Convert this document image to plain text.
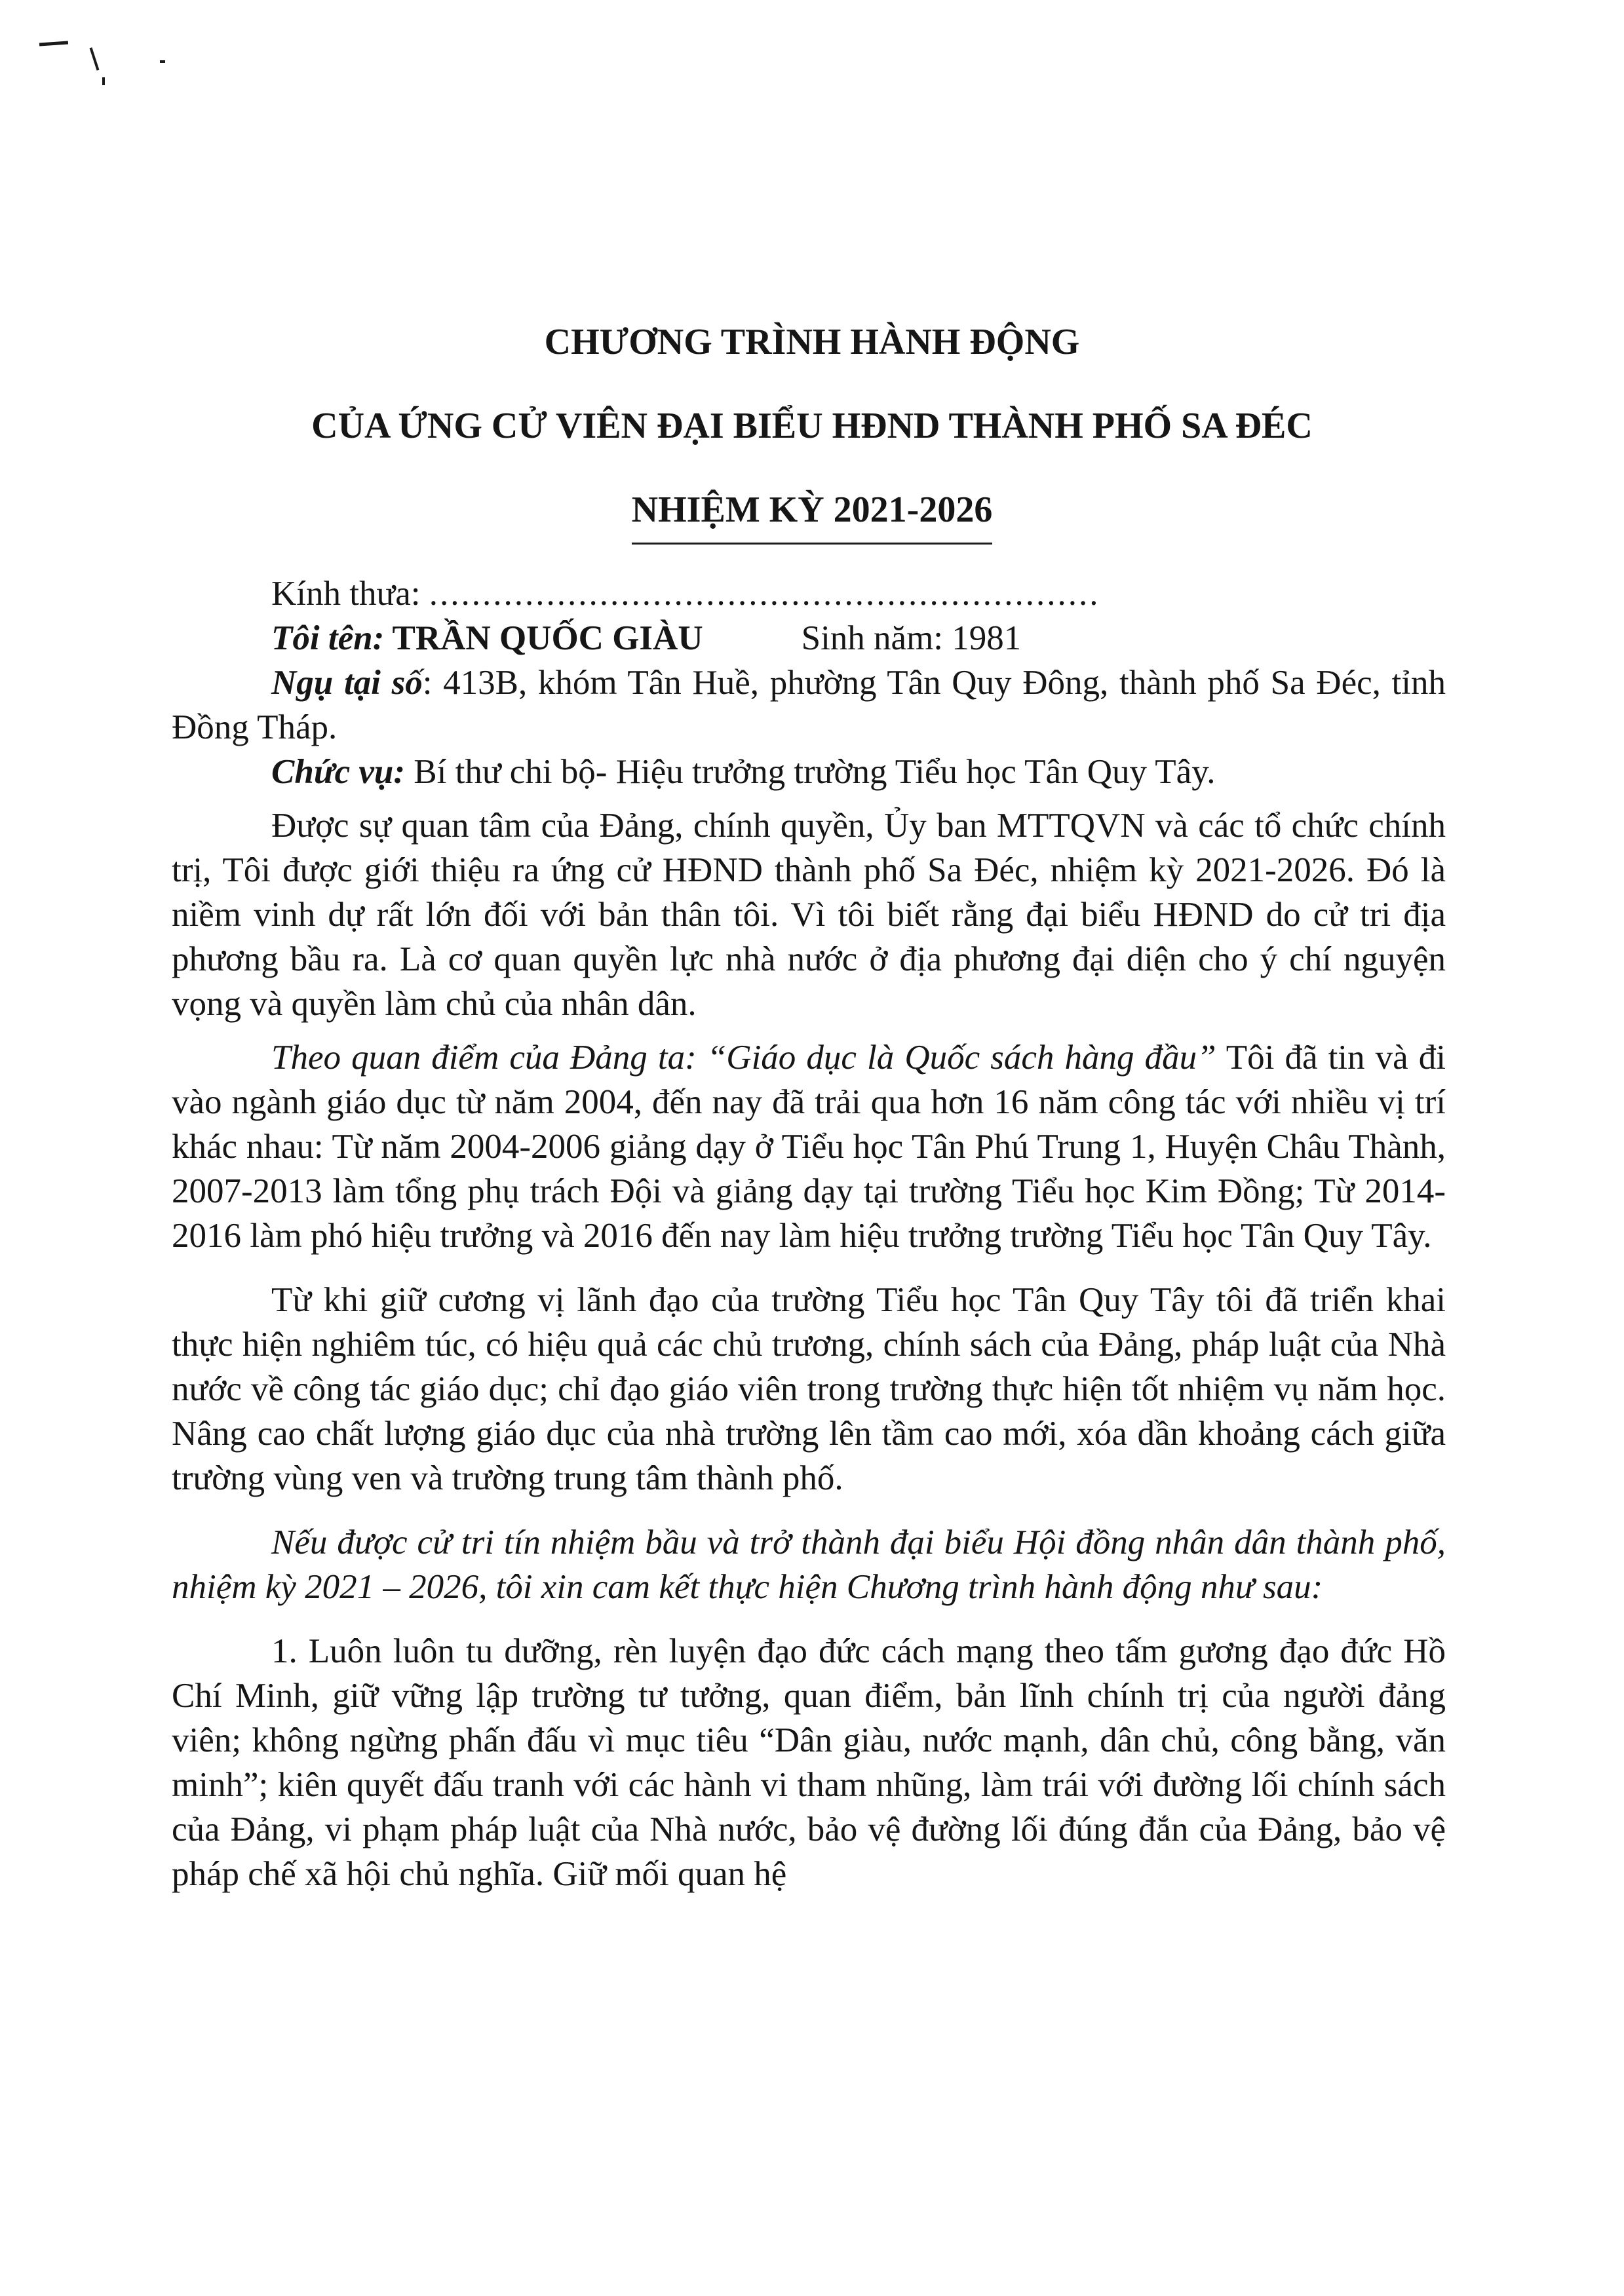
CHƯƠNG TRÌNH HÀNH ĐỘNG
CỦA ỨNG CỬ VIÊN ĐẠI BIỂU HĐND THÀNH PHỐ SA ĐÉC
NHIỆM KỲ 2021-2026

Kính thưa: ...............................................................

Tôi tên: TRẦN QUỐC GIÀU	Sinh năm: 1981

Ngụ tại số: 413B, khóm Tân Huề, phường Tân Quy Đông, thành phố Sa Đéc, tỉnh Đồng Tháp.

Chức vụ: Bí thư chi bộ- Hiệu trưởng trường Tiểu học Tân Quy Tây.

Được sự quan tâm của Đảng, chính quyền, Ủy ban MTTQVN và các tổ chức chính trị, Tôi được giới thiệu ra ứng cử HĐND thành phố Sa Đéc, nhiệm kỳ 2021-2026. Đó là niềm vinh dự rất lớn đối với bản thân tôi. Vì tôi biết rằng đại biểu HĐND do cử tri địa phương bầu ra. Là cơ quan quyền lực nhà nước ở địa phương đại diện cho ý chí nguyện vọng và quyền làm chủ của nhân dân.

Theo quan điểm của Đảng ta: “Giáo dục là Quốc sách hàng đầu” Tôi đã tin và đi vào ngành giáo dục từ năm 2004, đến nay đã trải qua hơn 16 năm công tác với nhiều vị trí khác nhau: Từ năm 2004-2006 giảng dạy ở Tiểu học Tân Phú Trung 1, Huyện Châu Thành, 2007-2013 làm tổng phụ trách Đội và giảng dạy tại trường Tiểu học Kim Đồng; Từ 2014-2016 làm phó hiệu trưởng và 2016 đến nay làm hiệu trưởng trường Tiểu học Tân Quy Tây.

Từ khi giữ cương vị lãnh đạo của trường Tiểu học Tân Quy Tây tôi đã triển khai thực hiện nghiêm túc, có hiệu quả các chủ trương, chính sách của Đảng, pháp luật của Nhà nước về công tác giáo dục; chỉ đạo giáo viên trong trường thực hiện tốt nhiệm vụ năm học. Nâng cao chất lượng giáo dục của nhà trường lên tầm cao mới, xóa dần khoảng cách giữa trường vùng ven và trường trung tâm thành phố.

Nếu được cử tri tín nhiệm bầu và trở thành đại biểu Hội đồng nhân dân thành phố, nhiệm kỳ 2021 – 2026, tôi xin cam kết thực hiện Chương trình hành động như sau:

1. Luôn luôn tu dưỡng, rèn luyện đạo đức cách mạng theo tấm gương đạo đức Hồ Chí Minh, giữ vững lập trường tư tưởng, quan điểm, bản lĩnh chính trị của người đảng viên; không ngừng phấn đấu vì mục tiêu “Dân giàu, nước mạnh, dân chủ, công bằng, văn minh”; kiên quyết đấu tranh với các hành vi tham nhũng, làm trái với đường lối chính sách của Đảng, vi phạm pháp luật của Nhà nước, bảo vệ đường lối đúng đắn của Đảng, bảo vệ pháp chế xã hội chủ nghĩa. Giữ mối quan hệ
